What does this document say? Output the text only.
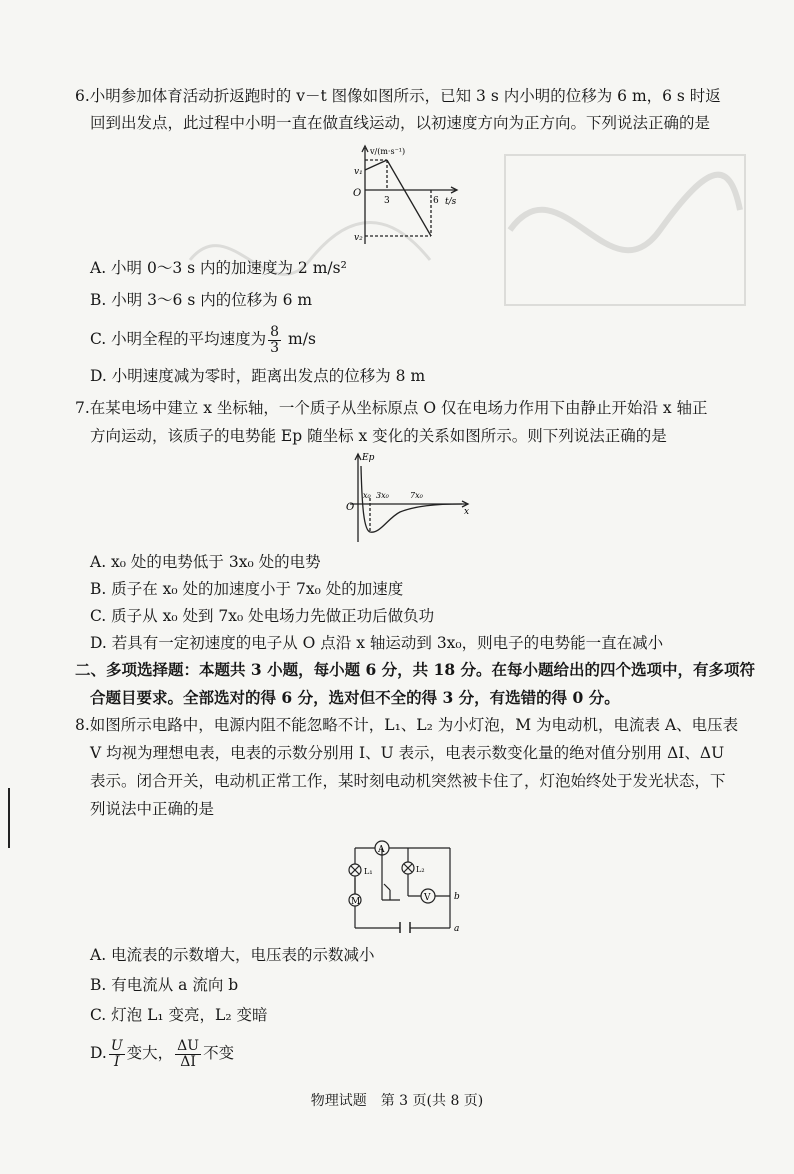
6.小明参加体育活动折返跑时的 v－t 图像如图所示，已知 3 s 内小明的位移为 6 m，6 s 时返
回到出发点，此过程中小明一直在做直线运动，以初速度方向为正方向。下列说法正确的是
v/(m·s⁻¹)
v₁
O
3	6 t/s
v₂
A. 小明 0～3 s 内的加速度为 2 m/s²
B. 小明 3～6 s 内的位移为 6 m
C. 小明全程的平均速度为 $\frac{8}{3} m/s$
D. 小明速度减为零时，距离出发点的位移为 8 m
7.在某电场中建立 x 坐标轴，一个质子从坐标原点 O 仅在电场力作用下由静止开始沿 x 轴正
方向运动，该质子的电势能 Ep 随坐标 x 变化的关系如图所示。则下列说法正确的是
Ep
O
x₀ 3x₀	7x₀
x
A. x₀ 处的电势低于 3x₀ 处的电势
B. 质子在 x₀ 处的加速度小于 7x₀ 处的加速度
C. 质子从 x₀ 处到 7x₀ 处电场力先做正功后做负功
D. 若具有一定初速度的电子从 O 点沿 x 轴运动到 3x₀，则电子的电势能一直在减小
二、多项选择题：本题共 3 小题，每小题 6 分，共 18 分。在每小题给出的四个选项中，有多项符
合题目要求。全部选对的得 6 分，选对但不全的得 3 分，有选错的得 0 分。
8.如图所示电路中，电源内阻不能忽略不计，L₁、L₂ 为小灯泡，M 为电动机，电流表 A、电压表
V 均视为理想电表，电表的示数分别用 I、U 表示，电表示数变化量的绝对值分别用 ΔI、ΔU
表示。闭合开关，电动机正常工作，某时刻电动机突然被卡住了，灯泡始终处于发光状态，下
列说法中正确的是
A
L₁	L₂
M	V	b
a
A. 电流表的示数增大，电压表的示数减小
B. 有电流从 a 流向 b
C. 灯泡 L₁ 变亮，L₂ 变暗
D. $\frac{U}{I}$ 变大， $\frac{\Delta U}{\Delta I}$ 不变
物理试题　第 3 页(共 8 页)
